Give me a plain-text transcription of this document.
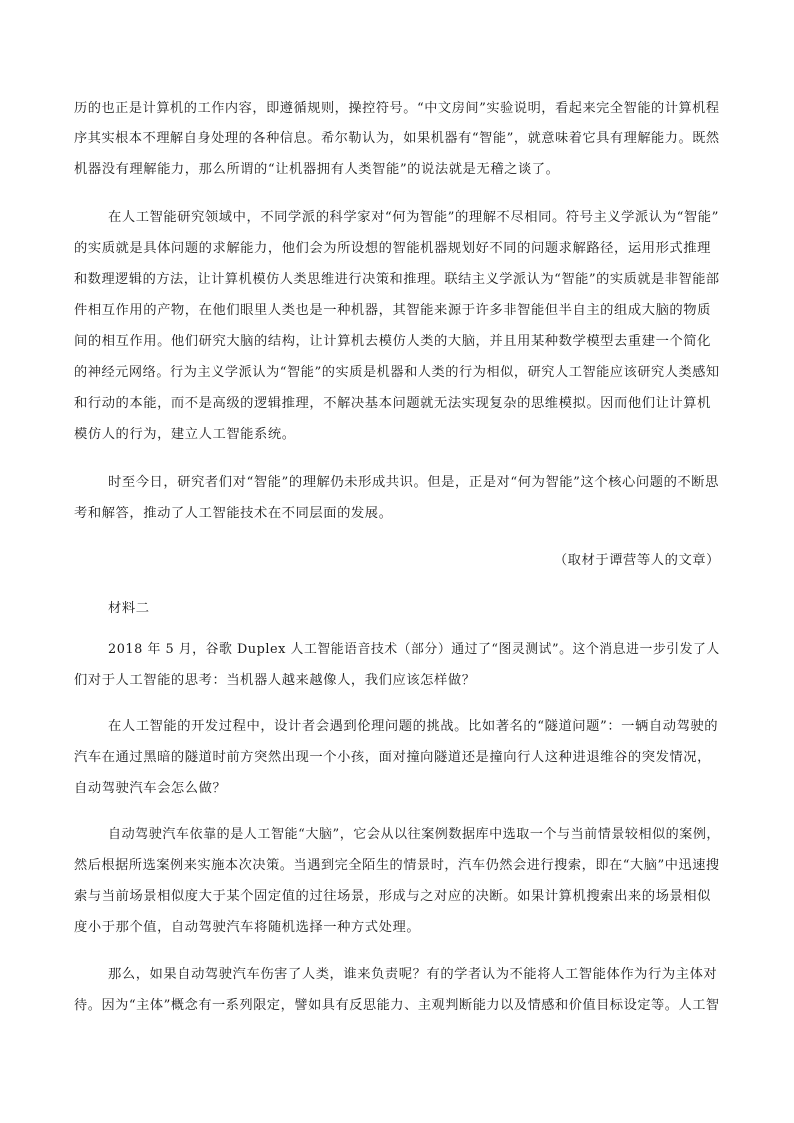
历的也正是计算机的工作内容，即遵循规则，操控符号。“中文房间”实验说明，看起来完全智能的计算机程
序其实根本不理解自身处理的各种信息。希尔勒认为，如果机器有“智能”，就意味着它具有理解能力。既然
机器没有理解能力，那么所谓的“让机器拥有人类智能”的说法就是无稽之谈了。
在人工智能研究领域中，不同学派的科学家对“何为智能”的理解不尽相同。符号主义学派认为“智能”
的实质就是具体问题的求解能力，他们会为所设想的智能机器规划好不同的问题求解路径，运用形式推理
和数理逻辑的方法，让计算机模仿人类思维进行决策和推理。联结主义学派认为“智能”的实质就是非智能部
件相互作用的产物，在他们眼里人类也是一种机器，其智能来源于许多非智能但半自主的组成大脑的物质
间的相互作用。他们研究大脑的结构，让计算机去模仿人类的大脑，并且用某种数学模型去重建一个简化
的神经元网络。行为主义学派认为“智能”的实质是机器和人类的行为相似，研究人工智能应该研究人类感知
和行动的本能，而不是高级的逻辑推理，不解决基本问题就无法实现复杂的思维模拟。因而他们让计算机
模仿人的行为，建立人工智能系统。
时至今日，研究者们对“智能”的理解仍未形成共识。但是，正是对“何为智能”这个核心问题的不断思
考和解答，推动了人工智能技术在不同层面的发展。
（取材于谭营等人的文章）
材料二
2018 年 5 月，谷歌 Duplex 人工智能语音技术（部分）通过了“图灵测试”。这个消息进一步引发了人
们对于人工智能的思考：当机器人越来越像人，我们应该怎样做？
在人工智能的开发过程中，设计者会遇到伦理问题的挑战。比如著名的“隧道问题”：一辆自动驾驶的
汽车在通过黑暗的隧道时前方突然出现一个小孩，面对撞向隧道还是撞向行人这种进退维谷的突发情况，
自动驾驶汽车会怎么做？
自动驾驶汽车依靠的是人工智能“大脑”，它会从以往案例数据库中选取一个与当前情景较相似的案例，
然后根据所选案例来实施本次决策。当遇到完全陌生的情景时，汽车仍然会进行搜索，即在“大脑”中迅速搜
索与当前场景相似度大于某个固定值的过往场景，形成与之对应的决断。如果计算机搜索出来的场景相似
度小于那个值，自动驾驶汽车将随机选择一种方式处理。
那么，如果自动驾驶汽车伤害了人类，谁来负责呢？有的学者认为不能将人工智能体作为行为主体对
待。因为“主体”概念有一系列限定，譬如具有反思能力、主观判断能力以及情感和价值目标设定等。人工智
